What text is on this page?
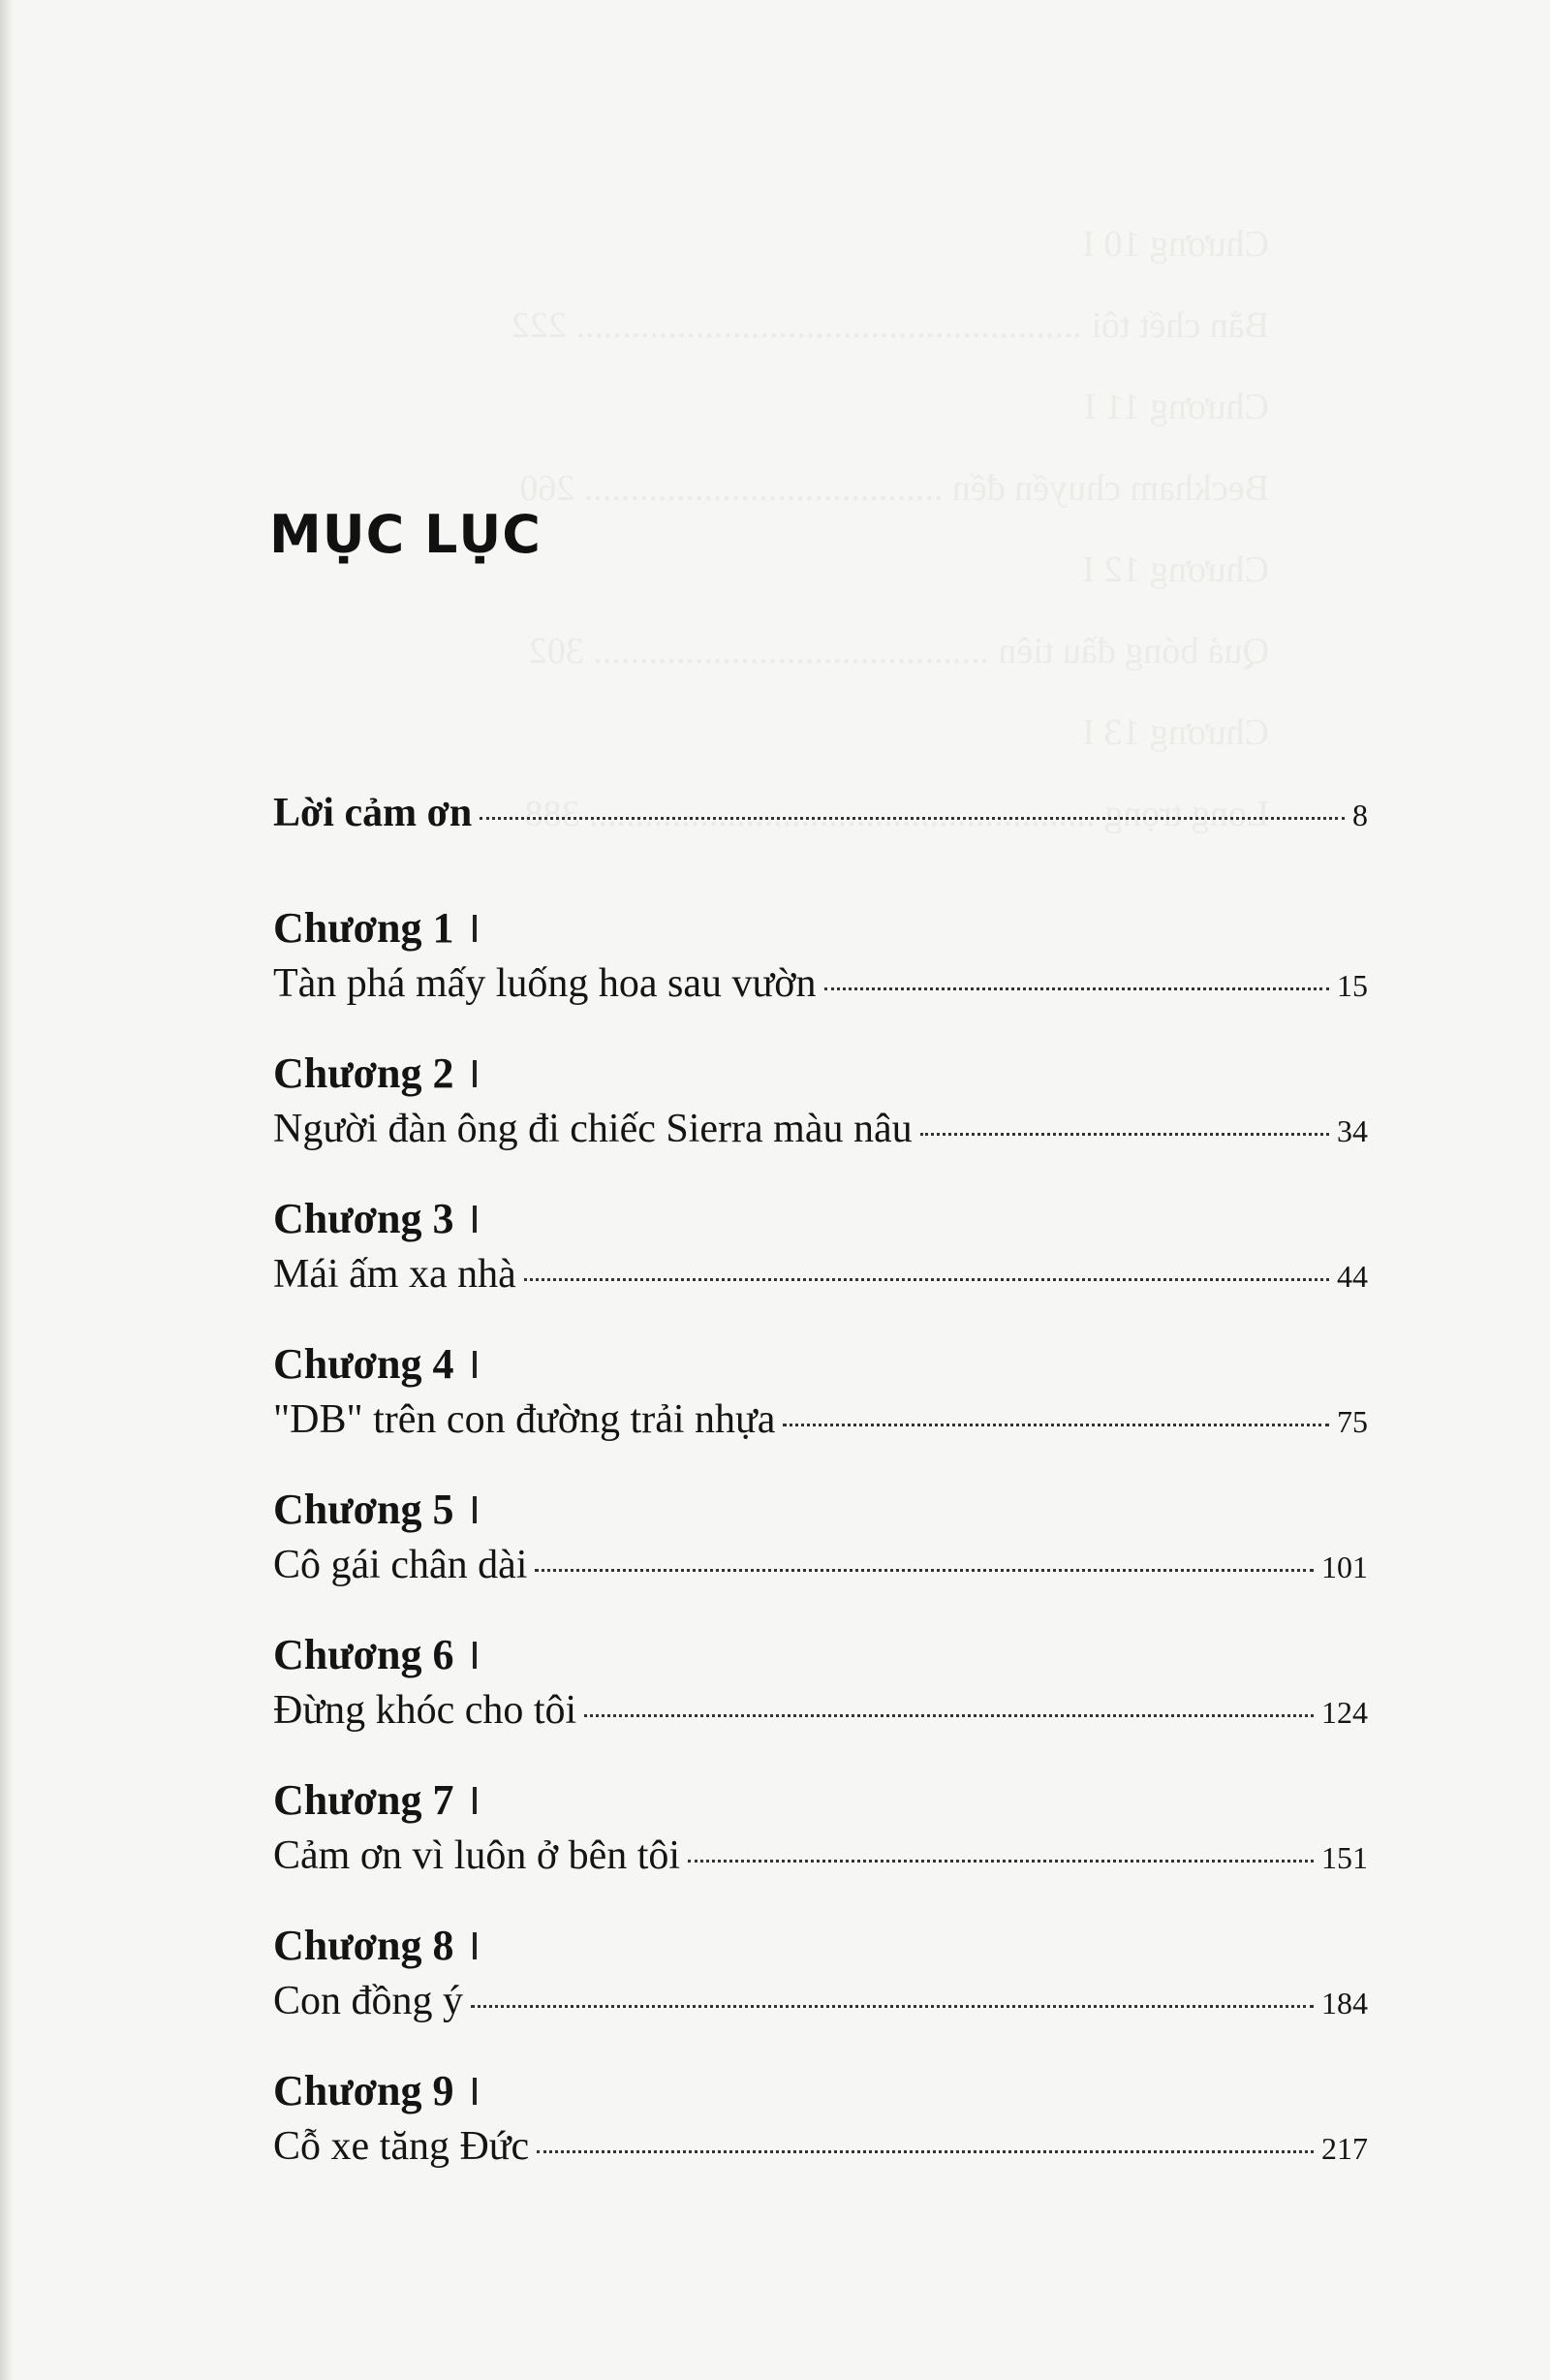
Chương 10 I
Bắn chết tôi ....................................................... 222
Chương 11 I
Beckham chuyển đến ....................................... 260
Chương 12 I
Quả bóng đầu tiên ........................................... 302
Chương 13 I
Long trọng ....................................................... 388
MỤC LỤC
Lời cảm ơn	8
Chương 1
Tàn phá mấy luống hoa sau vườn	15
Chương 2
Người đàn ông đi chiếc Sierra màu nâu	34
Chương 3
Mái ấm xa nhà	44
Chương 4
"DB" trên con đường trải nhựa	75
Chương 5
Cô gái chân dài	101
Chương 6
Đừng khóc cho tôi	124
Chương 7
Cảm ơn vì luôn ở bên tôi	151
Chương 8
Con đồng ý	184
Chương 9
Cỗ xe tăng Đức	217
